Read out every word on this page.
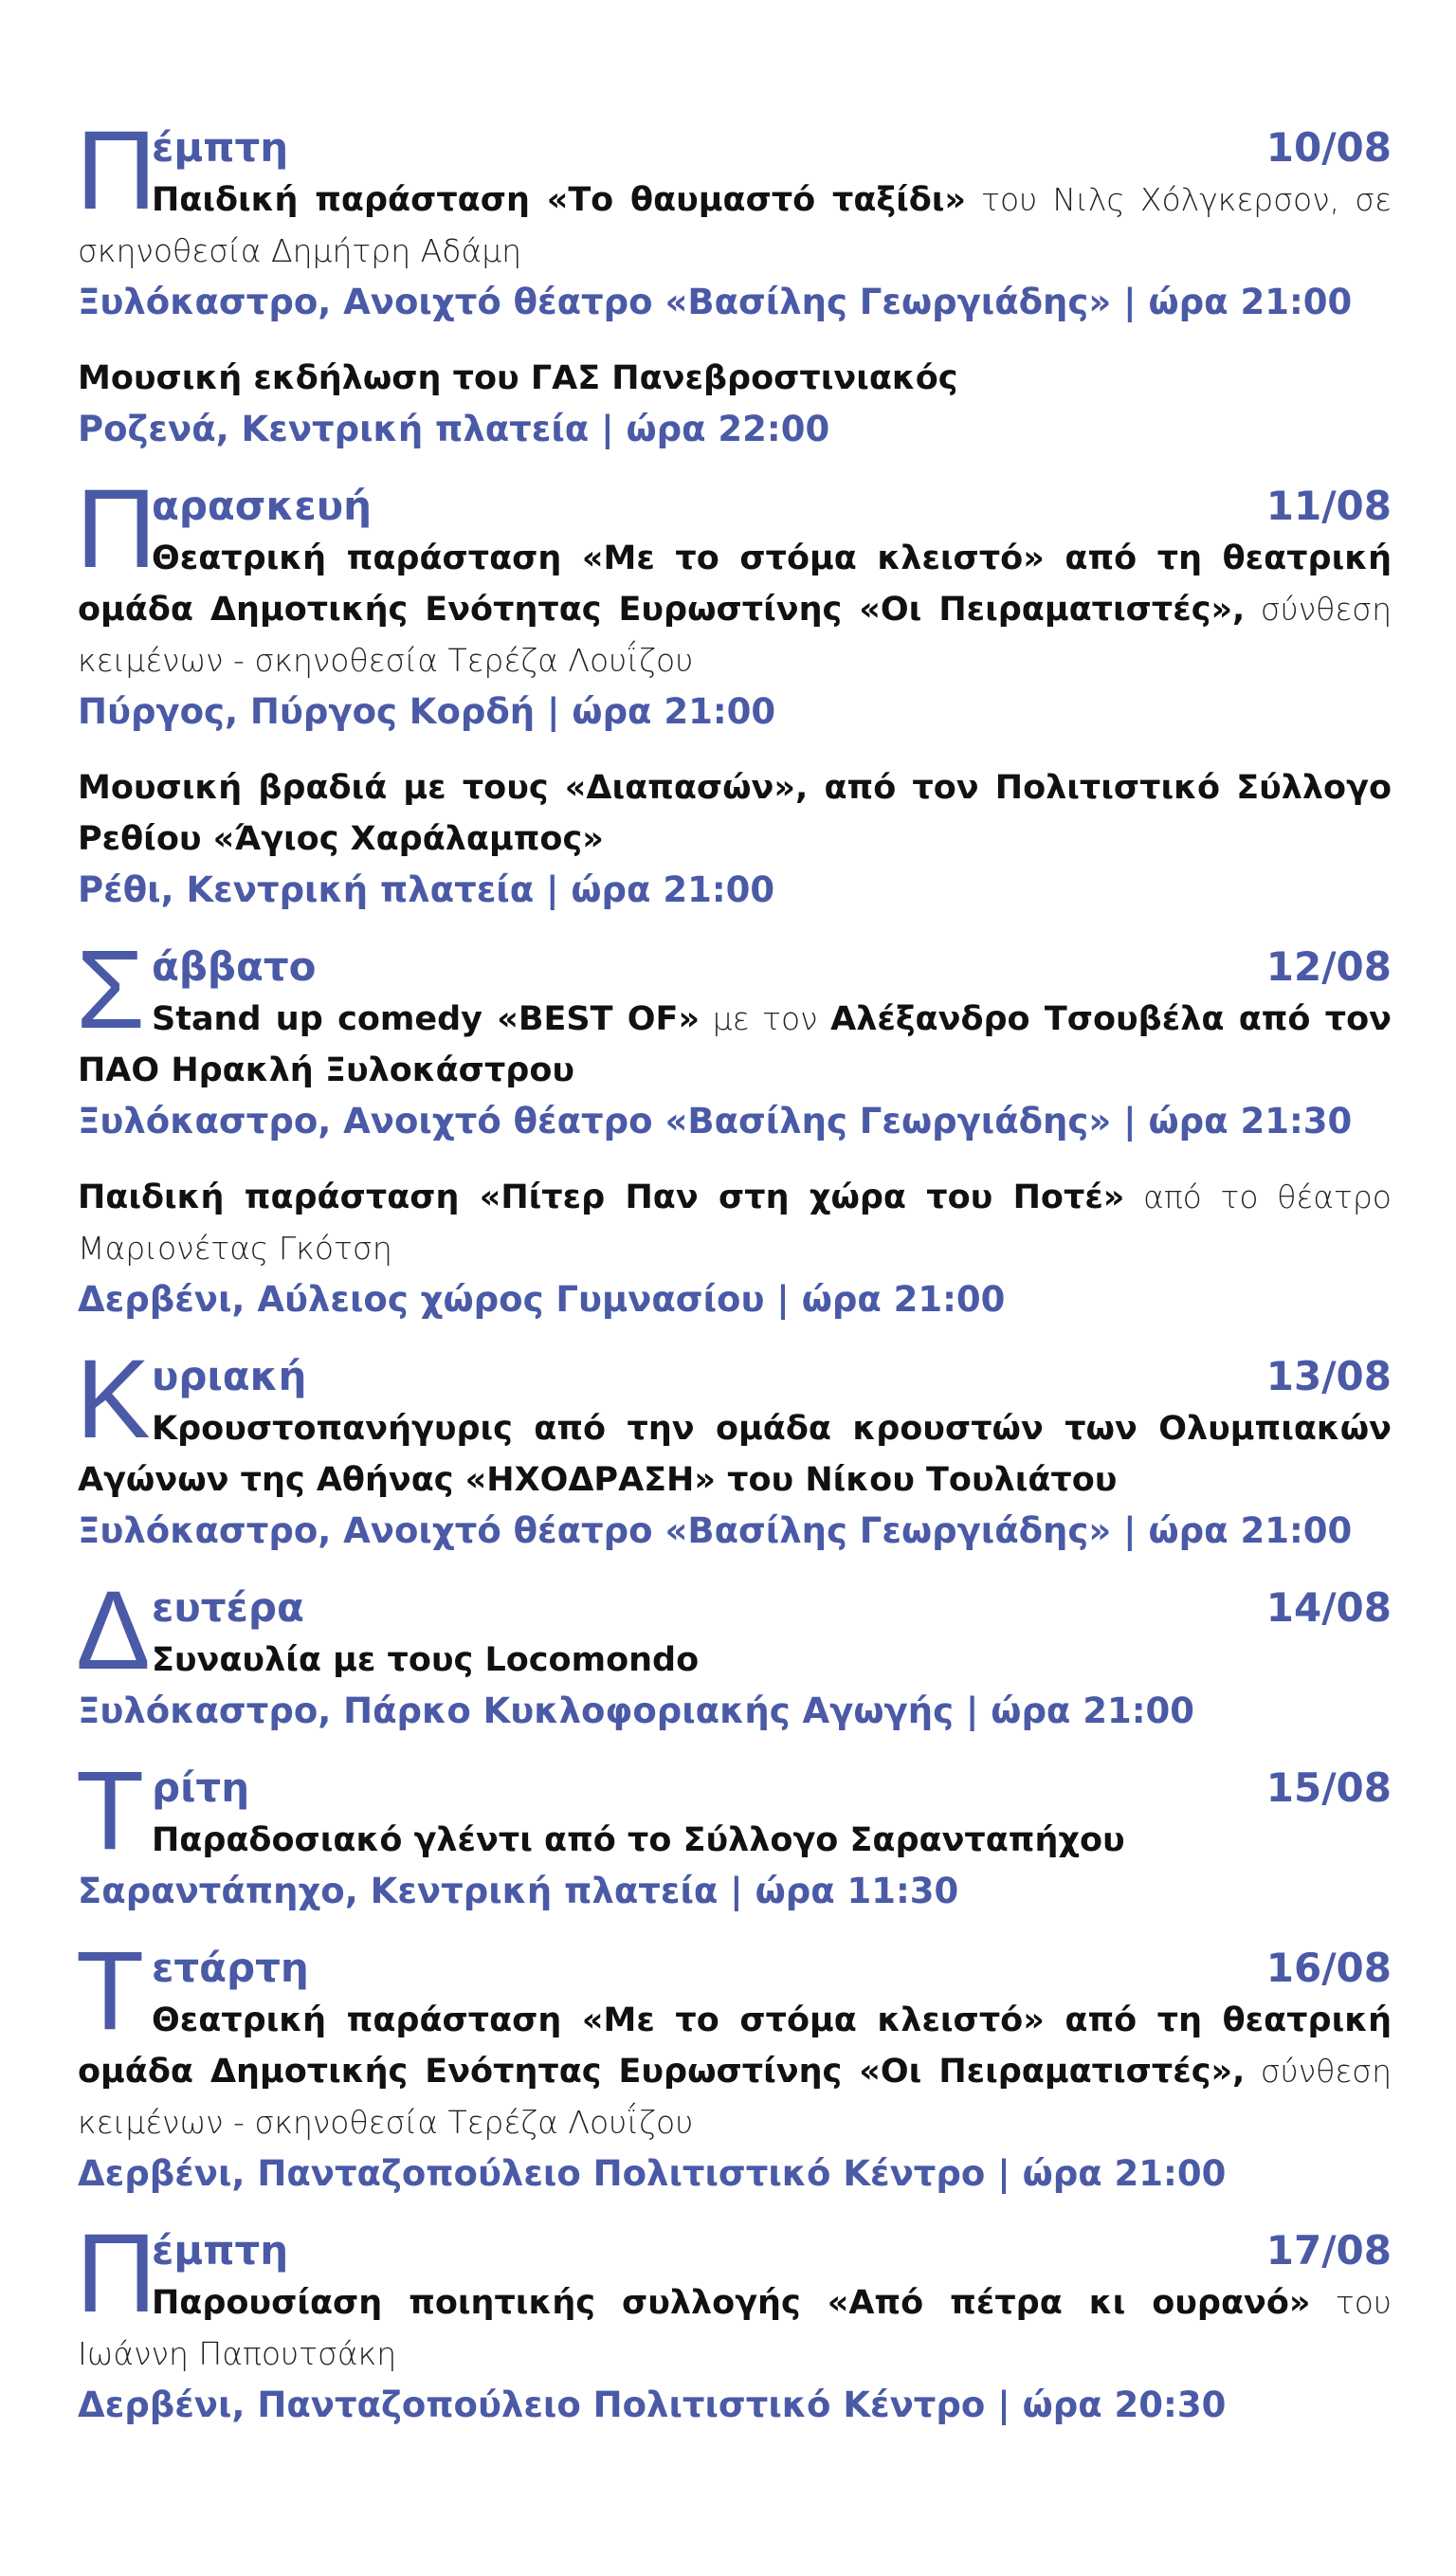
Π
έμπτη	10/08
Παιδική παράσταση «Το θαυμαστό ταξίδι» του Νιλς Χόλγκερσον, σε σκηνοθεσία Δημήτρη Αδάμη
Ξυλόκαστρο, Ανοιχτό θέατρο «Βασίλης Γεωργιάδης» | ώρα 21:00
Μουσική εκδήλωση του ΓΑΣ Πανεβροστινιακός
Ροζενά, Κεντρική πλατεία | ώρα 22:00
Π
αρασκευή	11/08
Θεατρική παράσταση «Με το στόμα κλειστό» από τη θεατρική ομάδα Δημοτικής Ενότητας Ευρωστίνης «Οι Πειραματιστές», σύνθεση κειμένων - σκηνοθεσία Τερέζα Λουΐζου
Πύργος, Πύργος Κορδή | ώρα 21:00
Μουσική βραδιά με τους «Διαπασών», από τον Πολιτιστικό Σύλλογο Ρεθίου «Άγιος Χαράλαμπος»
Ρέθι, Κεντρική πλατεία | ώρα 21:00
Σ άββατο	12/08
Stand up comedy «BEST OF» με τον Αλέξανδρο Τσουβέλα από τον ΠΑΟ Ηρακλή Ξυλοκάστρου
Ξυλόκαστρο, Ανοιχτό θέατρο «Βασίλης Γεωργιάδης» | ώρα 21:30
Παιδική παράσταση «Πίτερ Παν στη χώρα του Ποτέ» από το θέατρο Μαριονέτας Γκότση
Δερβένι, Αύλειος χώρος Γυμνασίου | ώρα 21:00
Κ υριακή	13/08
Κρουστοπανήγυρις από την ομάδα κρουστών των Ολυμπιακών Αγώνων της Αθήνας «ΗΧΟΔΡΑΣΗ» του Νίκου Τουλιάτου
Ξυλόκαστρο, Ανοιχτό θέατρο «Βασίλης Γεωργιάδης» | ώρα 21:00
Δ ευτέρα	14/08
Συναυλία με τους Locomondo
Ξυλόκαστρο, Πάρκο Κυκλοφοριακής Αγωγής | ώρα 21:00
Τ ρίτη	15/08
Παραδοσιακό γλέντι από το Σύλλογο Σαρανταπήχου
Σαραντάπηχο, Κεντρική πλατεία | ώρα 11:30
Τ ετάρτη	16/08
Θεατρική παράσταση «Με το στόμα κλειστό» από τη θεατρική ομάδα Δημοτικής Ενότητας Ευρωστίνης «Οι Πειραματιστές», σύνθεση κειμένων - σκηνοθεσία Τερέζα Λουΐζου
Δερβένι, Πανταζοπούλειο Πολιτιστικό Κέντρο | ώρα 21:00
Π
έμπτη	17/08
Παρουσίαση ποιητικής συλλογής «Από πέτρα κι ουρανό» του Ιωάννη Παπουτσάκη
Δερβένι, Πανταζοπούλειο Πολιτιστικό Κέντρο | ώρα 20:30
